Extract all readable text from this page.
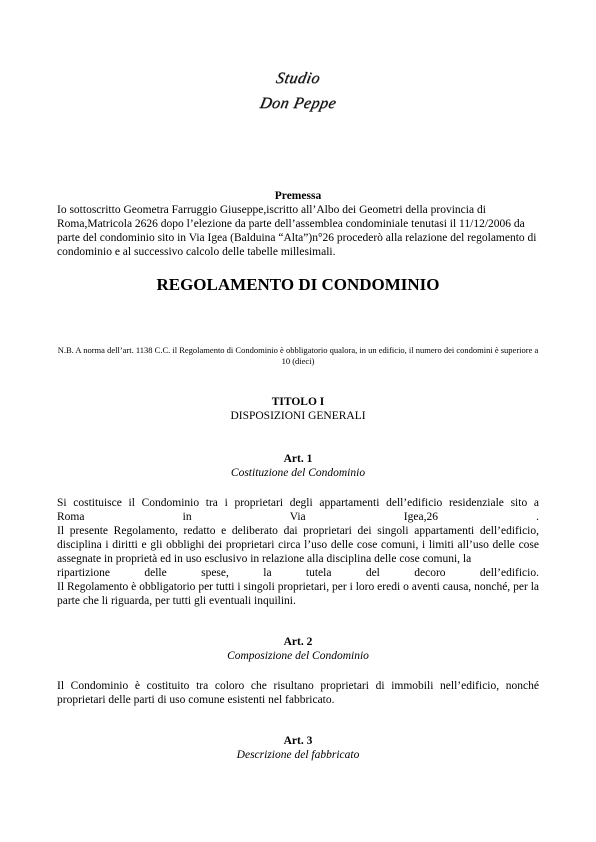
Studio
Don Peppe
Premessa
Io sottoscritto Geometra Farruggio Giuseppe,iscritto all’Albo dei Geometri della provincia di Roma,Matricola 2626 dopo l’elezione da parte dell’assemblea condominiale tenutasi il 11/12/2006 da parte del condominio sito in Via Igea (Balduina “Alta”)n°26 procederò alla relazione del regolamento di condominio e al successivo calcolo delle tabelle millesimali.
REGOLAMENTO DI CONDOMINIO
N.B. A norma dell’art. 1138 C.C. il Regolamento di Condominio è obbligatorio qualora, in un edificio, il numero dei condomini è superiore a 10 (dieci)
TITOLO I
DISPOSIZIONI GENERALI
Art. 1
Costituzione del Condominio
Si costituisce il Condominio tra i proprietari degli appartamenti dell’edificio residenziale sito a
Roma	in	Via	Igea,26	.
Il presente Regolamento, redatto e deliberato dai proprietari dei singoli appartamenti dell’edificio, disciplina i diritti e gli obblighi dei proprietari circa l’uso delle cose comuni, i limiti all’uso delle cose assegnate in proprietà ed in uso esclusivo in relazione alla disciplina delle cose comuni, la
ripartizione	delle	spese,	la	tutela	del	decoro	dell’edificio.
Il Regolamento è obbligatorio per tutti i singoli proprietari, per i loro eredi o aventi causa, nonché, per la parte che li riguarda, per tutti gli eventuali inquilini.
Art. 2
Composizione del Condominio
Il Condominio è costituito tra coloro che risultano proprietari di immobili nell’edificio, nonché proprietari delle parti di uso comune esistenti nel fabbricato.
Art. 3
Descrizione del fabbricato
